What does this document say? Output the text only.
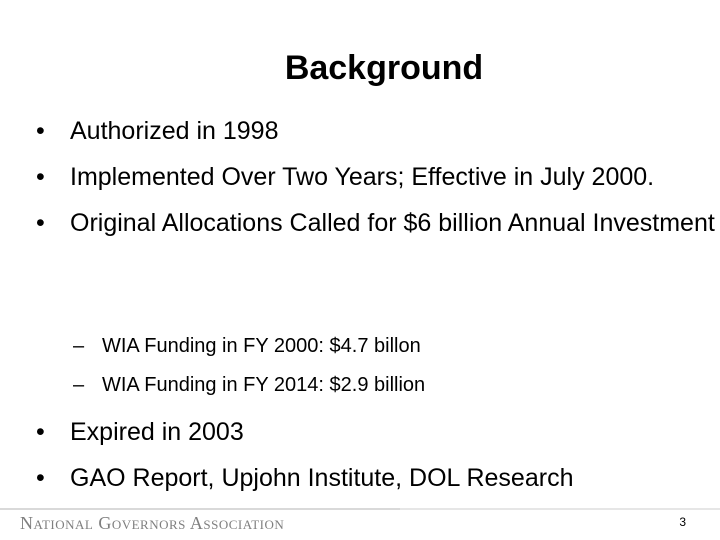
Background
•	Authorized in 1998
•	Implemented Over Two Years; Effective in July 2000.
•	Original Allocations Called for $6 billion Annual Investment
– WIA Funding in FY 2000: $4.7 billon
– WIA Funding in FY 2014: $2.9 billion
•	Expired in 2003
•	GAO Report, Upjohn Institute, DOL Research
National Governors Association	3
